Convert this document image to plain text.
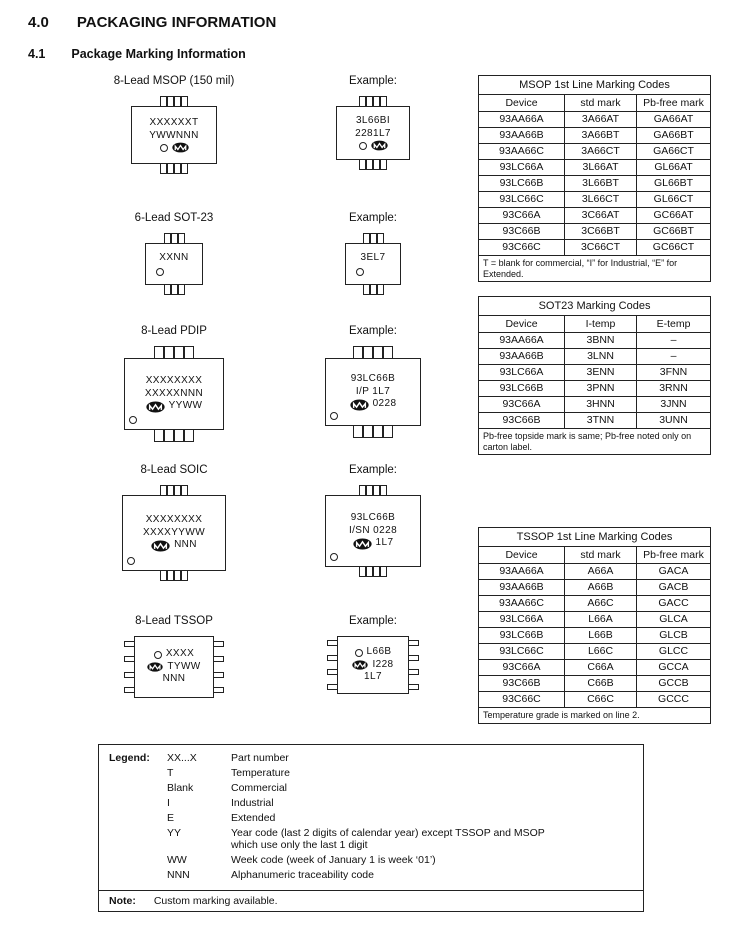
4.0 PACKAGING INFORMATION
4.1 Package Marking Information
8-Lead MSOP (150 mil)
XXXXXXT
YWWNNN
Example:
3L66BI
2281L7
6-Lead SOT-23
XXNN
Example:
3EL7
8-Lead PDIP
XXXXXXXX
XXXXXNNN
YYWW
Example:
93LC66B
I/P 1L7
0228
8-Lead SOIC
XXXXXXXX
XXXXYYWW
NNN
Example:
93LC66B
I/SN 0228
1L7
8-Lead TSSOP
XXXX
TYWW
NNN
Example:
L66B
I228
1L7
MSOP 1st Line Marking Codes		
Device	std mark	Pb-free mark
93AA66A	3A66AT	GA66AT
93AA66B	3A66BT	GA66BT
93AA66C	3A66CT	GA66CT
93LC66A	3L66AT	GL66AT
93LC66B	3L66BT	GL66BT
93LC66C	3L66CT	GL66CT
93C66A	3C66AT	GC66AT
93C66B	3C66BT	GC66BT
93C66C	3C66CT	GC66CT
T = blank for commercial, “I” for Industrial, “E” for Extended.		
SOT23 Marking Codes		
Device	I-temp	E-temp
93AA66A	3BNN	–
93AA66B	3LNN	–
93LC66A	3ENN	3FNN
93LC66B	3PNN	3RNN
93C66A	3HNN	3JNN
93C66B	3TNN	3UNN
Pb-free topside mark is same; Pb-free noted only on carton label.		
TSSOP 1st Line Marking Codes		
Device	std mark	Pb-free mark
93AA66A	A66A	GACA
93AA66B	A66B	GACB
93AA66C	A66C	GACC
93LC66A	L66A	GLCA
93LC66B	L66B	GLCB
93LC66C	L66C	GLCC
93C66A	C66A	GCCA
93C66B	C66B	GCCB
93C66C	C66C	GCCC
Temperature grade is marked on line 2.		
Legend:	XX...X	Part number
T	Temperature
Blank	Commercial
I	Industrial
E	Extended
YY	Year code (last 2 digits of calendar year) except TSSOP and MSOP which use only the last 1 digit
WW	Week code (week of January 1 is week ‘01’)
NNN	Alphanumeric traceability code
Note: Custom marking available.
